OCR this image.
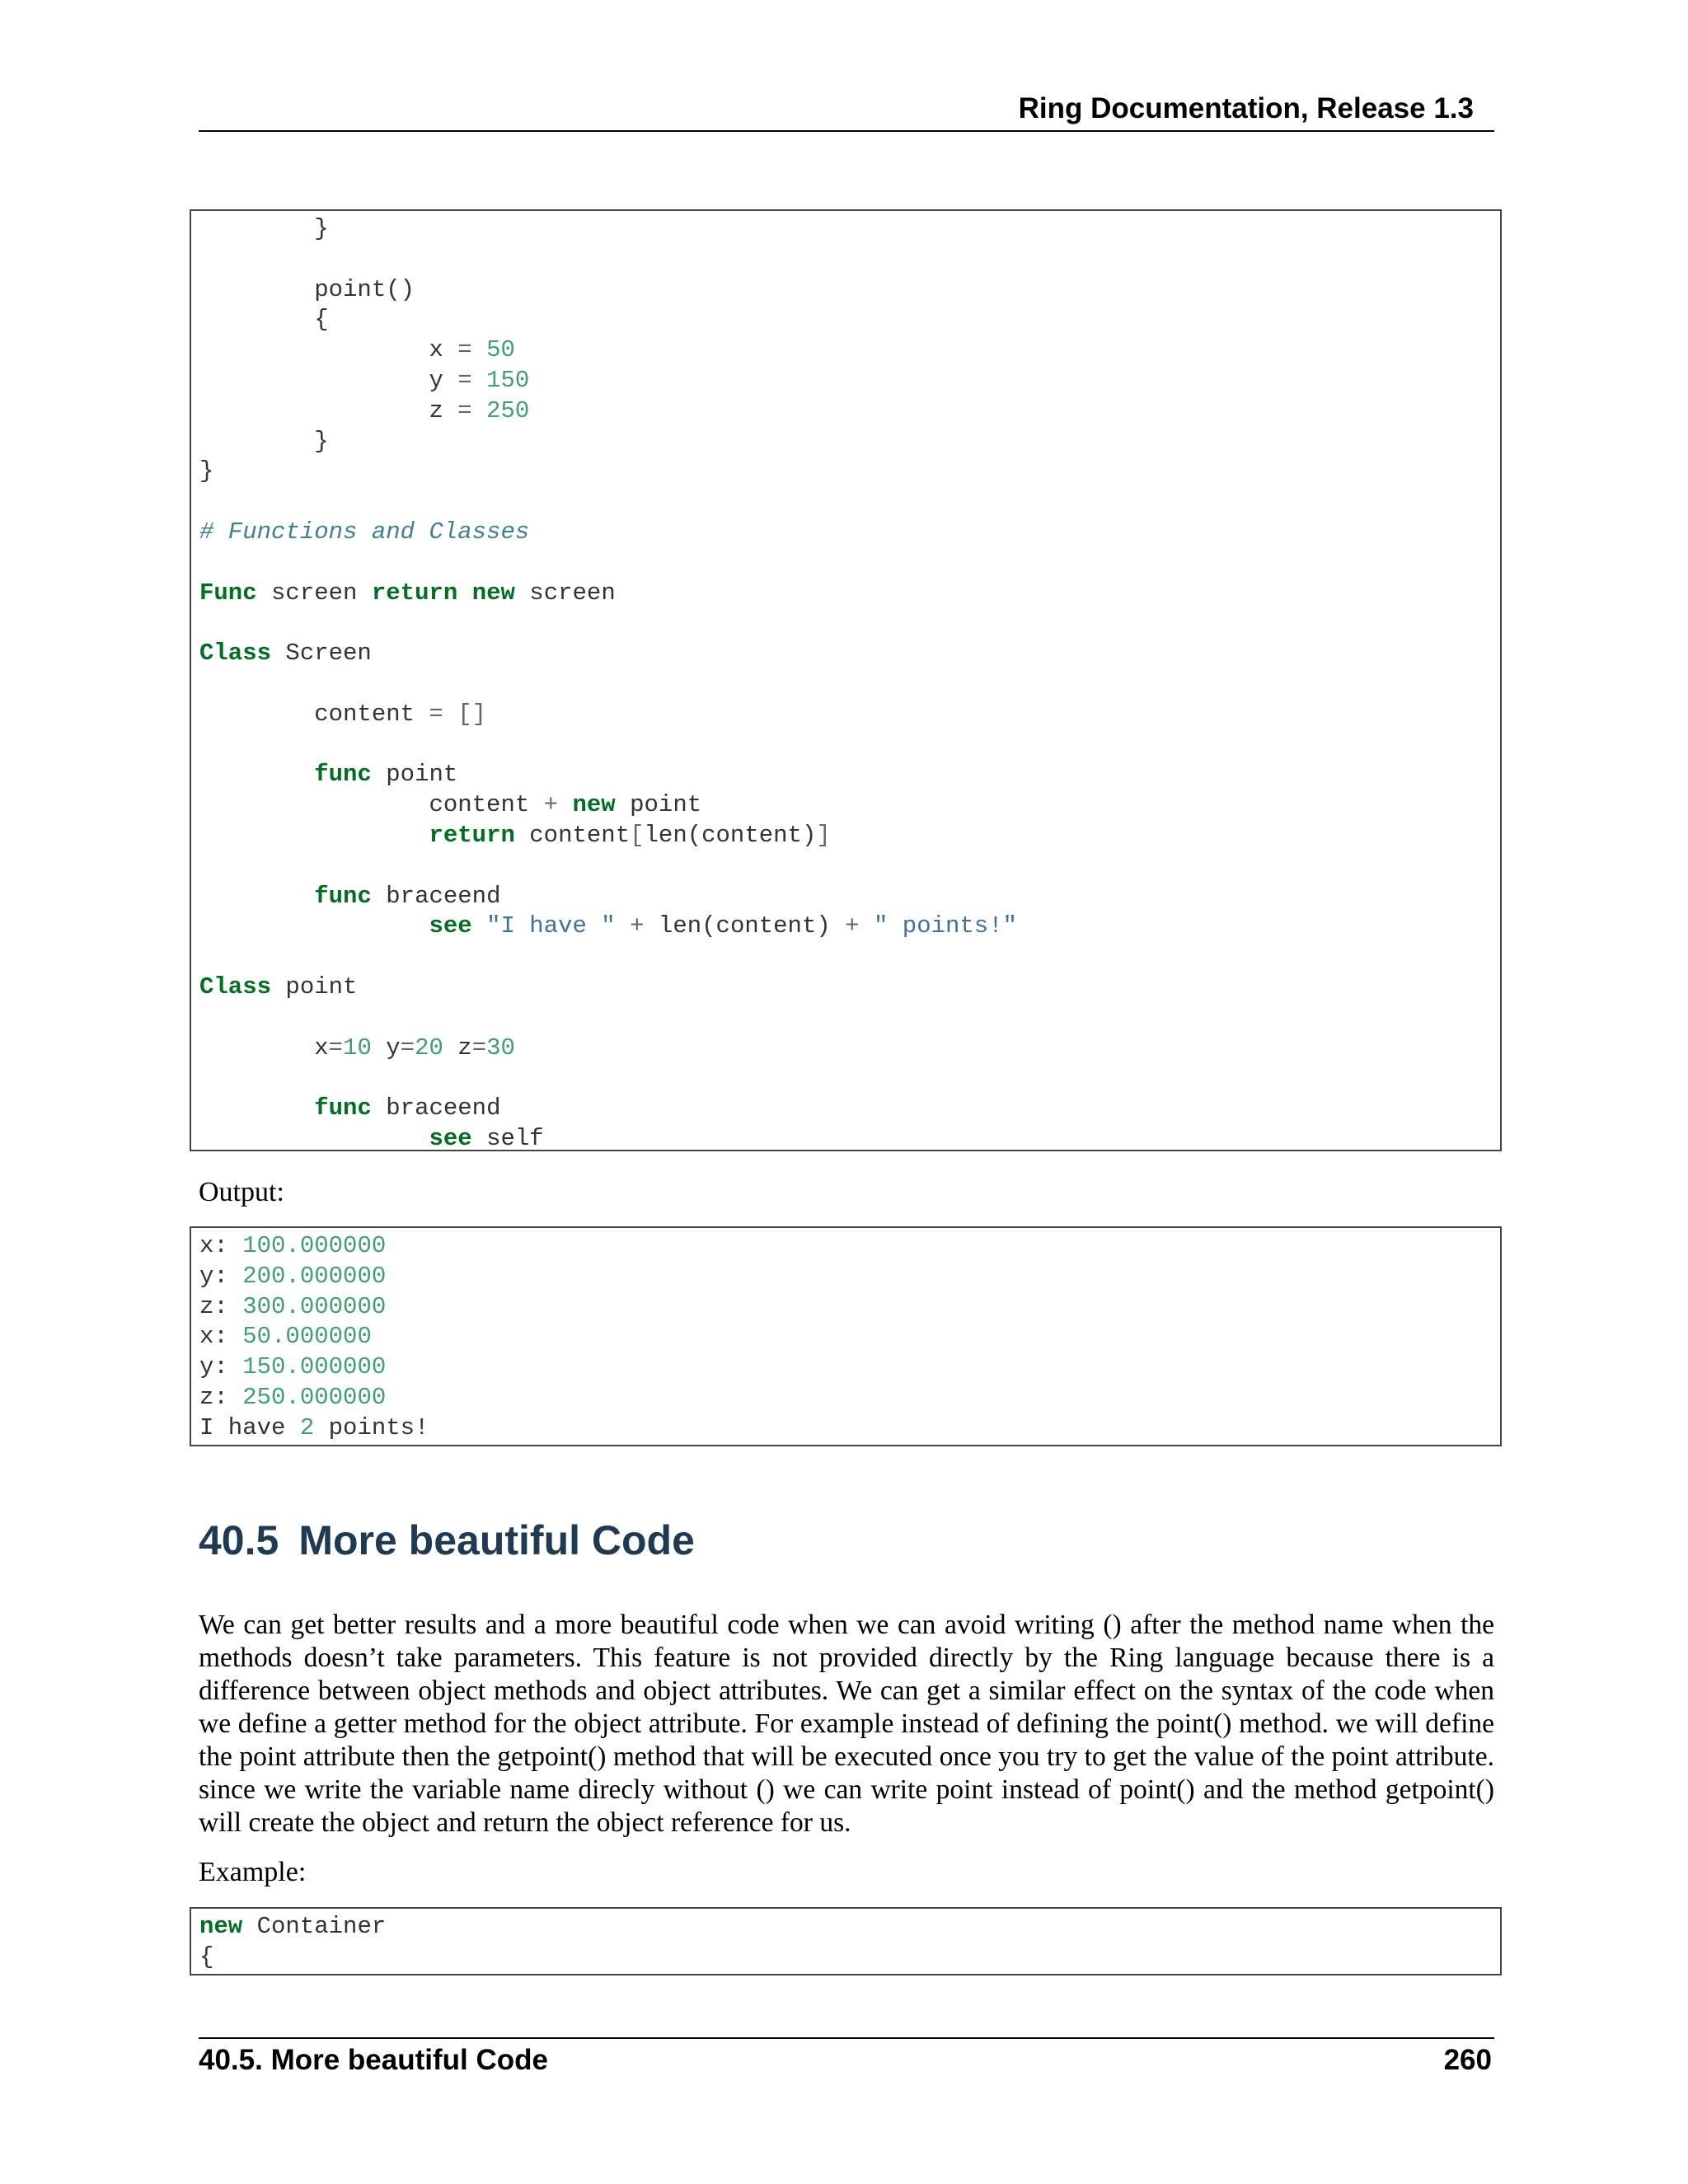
Ring Documentation, Release 1.3
}
point()
{
x = 50
y = 150
z = 250
}
}
# Functions and Classes
Func screen return new screen
Class Screen
content = []
func point
content + new point
return content[len(content)]
func braceend
see "I have " + len(content) + " points!"
Class point
x=10 y=20 z=30
func braceend
see self
Output:
x: 100.000000
y: 200.000000
z: 300.000000
x: 50.000000
y: 150.000000
z: 250.000000
I have 2 points!
40.5 More beautiful Code

We can get better results and a more beautiful code when we can avoid writing () after the method name when the methods doesn’t take parameters. This feature is not provided directly by the Ring language because there is a difference between object methods and object attributes. We can get a similar effect on the syntax of the code when we define a getter method for the object attribute. For example instead of defining the point() method. we will define the point attribute then the getpoint() method that will be executed once you try to get the value of the point attribute. since we write the variable name direcly without () we can write point instead of point() and the method getpoint() will create the object and return the object reference for us.

Example:
new Container
{
40.5. More beautiful Code	260
